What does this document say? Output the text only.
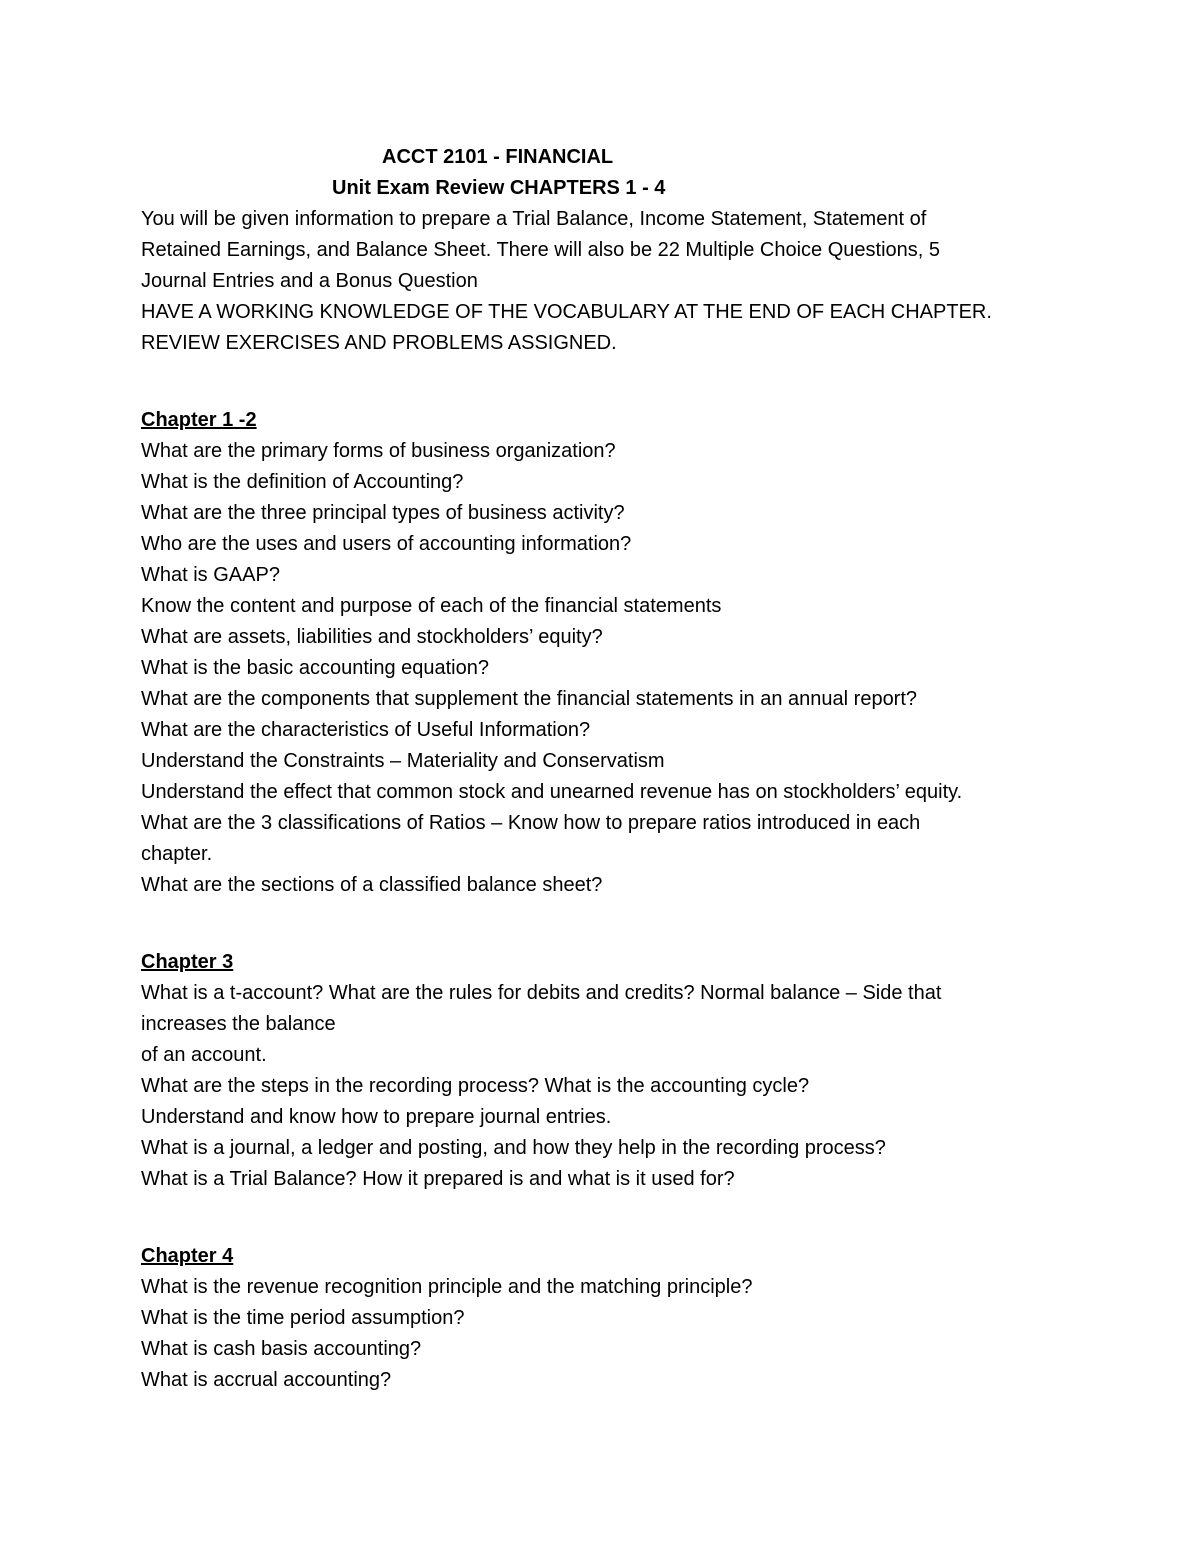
ACCT 2101 - FINANCIAL
Unit Exam Review CHAPTERS 1 - 4
You will be given information to prepare a Trial Balance, Income Statement, Statement of
Retained Earnings, and Balance Sheet. There will also be 22 Multiple Choice Questions, 5
Journal Entries and a Bonus Question
HAVE A WORKING KNOWLEDGE OF THE VOCABULARY AT THE END OF EACH CHAPTER.
REVIEW EXERCISES AND PROBLEMS ASSIGNED.
Chapter 1 -2
What are the primary forms of business organization?
What is the definition of Accounting?
What are the three principal types of business activity?
Who are the uses and users of accounting information?
What is GAAP?
Know the content and purpose of each of the financial statements
What are assets, liabilities and stockholders’ equity?
What is the basic accounting equation?
What are the components that supplement the financial statements in an annual report?
What are the characteristics of Useful Information?
Understand the Constraints – Materiality and Conservatism
Understand the effect that common stock and unearned revenue has on stockholders’ equity.
What are the 3 classifications of Ratios – Know how to prepare ratios introduced in each
chapter.
What are the sections of a classified balance sheet?
Chapter 3
What is a t-account? What are the rules for debits and credits? Normal balance – Side that
increases the balance
of an account.
What are the steps in the recording process? What is the accounting cycle?
Understand and know how to prepare journal entries.
What is a journal, a ledger and posting, and how they help in the recording process?
What is a Trial Balance? How it prepared is and what is it used for?
Chapter 4
What is the revenue recognition principle and the matching principle?
What is the time period assumption?
What is cash basis accounting?
What is accrual accounting?
